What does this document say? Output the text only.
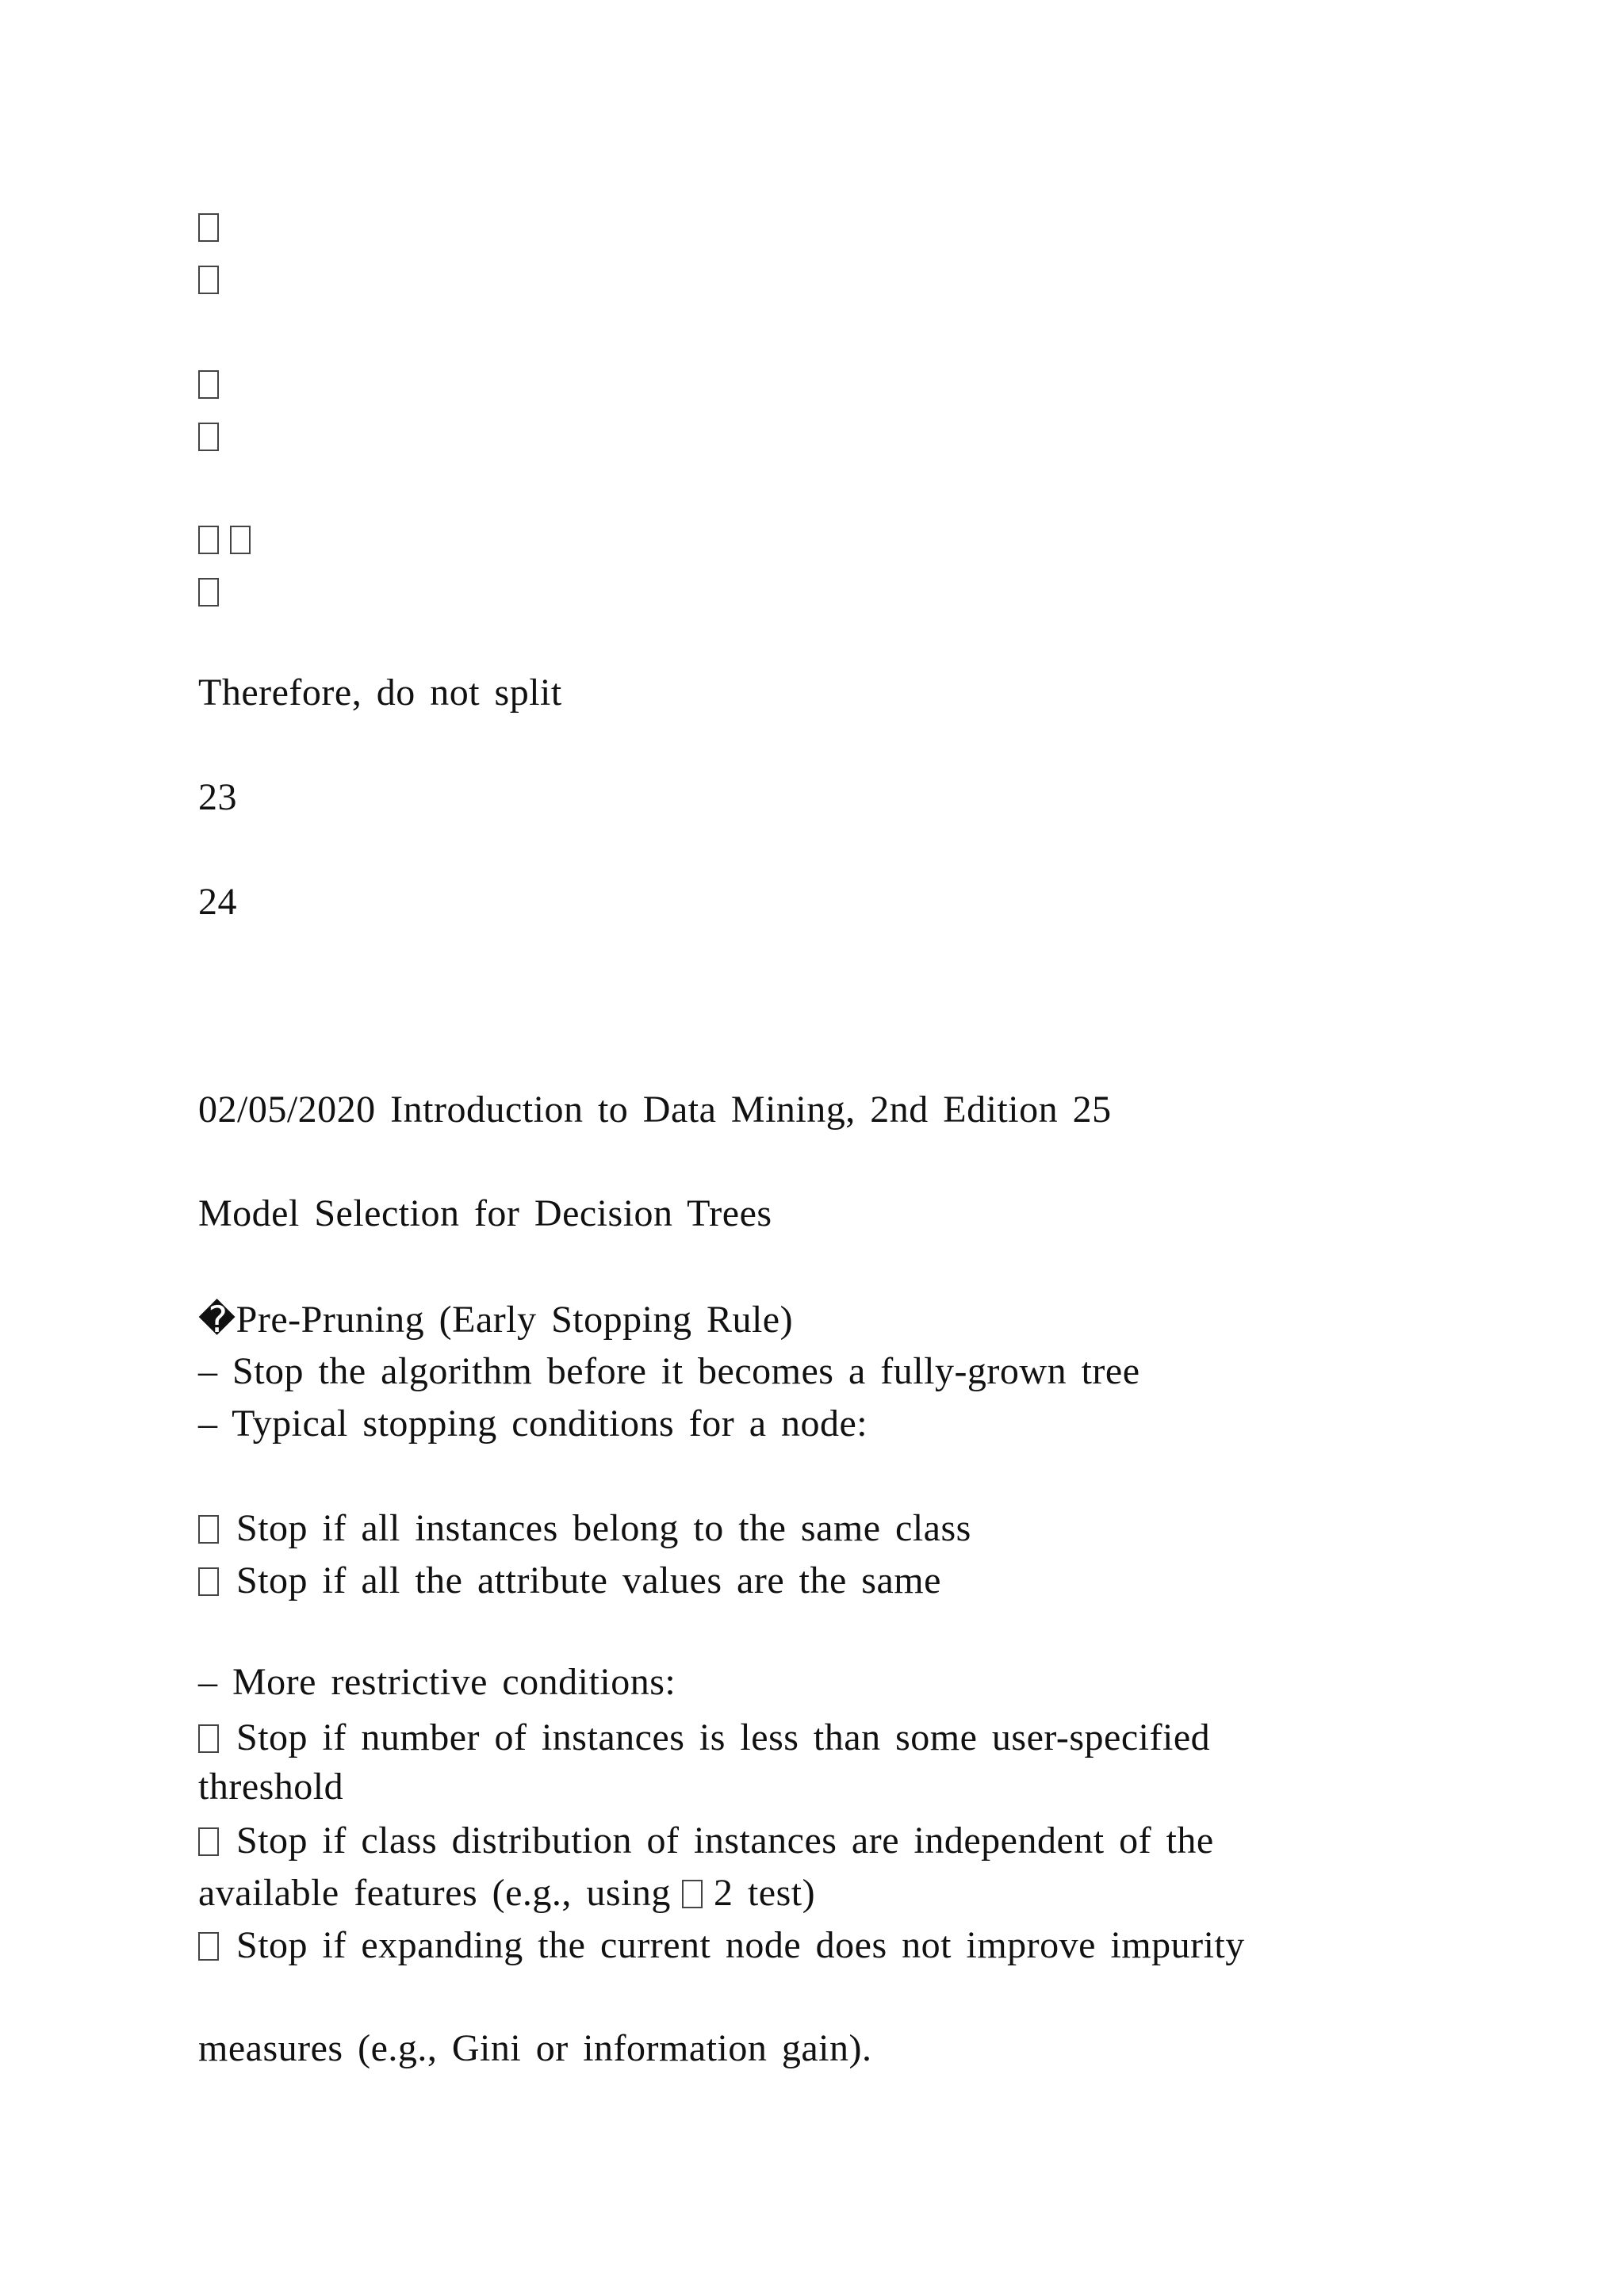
Therefore, do not split
23
24
02/05/2020 Introduction to Data Mining, 2nd Edition 25
Model Selection for Decision Trees
�Pre-Pruning (Early Stopping Rule)
– Stop the algorithm before it becomes a fully-grown tree
– Typical stopping conditions for a node:
Stop if all instances belong to the same class
Stop if all the attribute values are the same
– More restrictive conditions:
Stop if number of instances is less than some user-specified
threshold
Stop if class distribution of instances are independent of the
available features (e.g., using 2 test)
Stop if expanding the current node does not improve impurity
measures (e.g., Gini or information gain).
